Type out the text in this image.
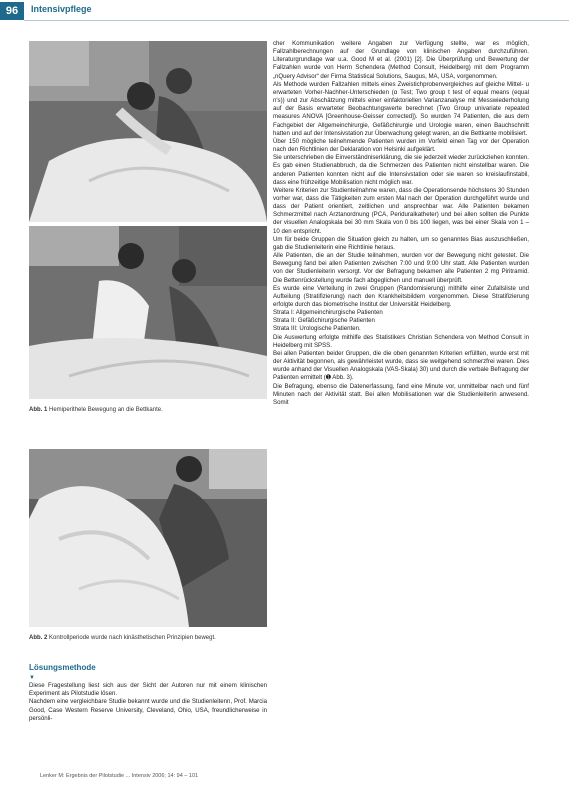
96	Intensivpflege
Abb. 1 Hemiperithele Bewegung an die Bettkante.
Abb. 2 Kontrollperiode wurde nach kinästhetischen Prinzipien bewegt.
Lösungsmethode
▼

Diese Fragestellung liest sich aus der Sicht der Autoren nur mit einem klinischen Experiment als Pilotstudie lösen.

Nachdem eine vergleichbare Studie bekannt wurde und die Studienleitenn, Prof. Marcia Good, Case Western Reserve University, Cleveland, Ohio, USA, freundlicherweise in persönli-

cher Kommunikation weitere Angaben zur Verfügung stellte, war es möglich, Fallzahlberechnungen auf der Grundlage von klinischen Angaben durchzuführen. Literaturgrundlage war u.a. Good M et al. (2001) [2]. Die Überprüfung und Bewertung der Fallzahlen wurde von Herrn Schendera (Method Consult, Heidelberg) mit dem Programm „nQuery Advisor“ der Firma Statistical Solutions, Saugus, MA, USA, vorgenommen.

Als Methode wurden Fallzahlen mittels eines Zweistichprobenvergleiches auf gleiche Mittel- u erwarteten Vorher-Nachher-Unterschieden (α Test; Two group t test of equal means (equal n's)) und zur Abschätzung mittels einer einfaktoriellen Varianzanalyse mit Messwiederholung auf der Basis erwarteter Beobachtungswerte berechnet (Two Group univariate repeated measures ANOVA [Greenhouse-Geisser corrected]). So wurden 74 Patienten, die aus dem Fachgebiet der Allgemeinchirurgie, Gefäßchirurgie und Urologie waren, einen Bauchschnitt hatten und auf der Intensivstation zur Überwachung gelegt waren, an die Bettkante mobilisiert.

Über 150 mögliche teilnehmende Patienten wurden im Vorfeld einen Tag vor der Operation nach den Richtlinien der Deklaration von Helsinki aufgeklärt.

Sie unterschrieben die Einverständniserklärung, die sie jederzeit wieder zurückziehen konnten. Es gab einen Studienabbruch, da die Schmerzen des Patienten nicht einstellbar waren. Die anderen Patienten konnten nicht auf die Intensivstation oder sie waren so kreislaufinstabil, dass eine frühzeitige Mobilisation nicht möglich war.

Weitere Kriterien zur Studienteilnahme waren, dass die Operationsende höchstens 30 Stunden vorher war, dass die Tätigkeiten zum ersten Mal nach der Operation durchgeführt wurde und dass der Patient orientiert, zeitlichen und ansprechbar war. Alle Patienten bekamen Schmerzmittel nach Arztanordnung (PCA, Periduralkatheter) und bei allen sollten die Punkte der visuellen Analogskala bei 30 mm Skala von 0 bis 100 liegen, was bei einer Skala von 1 – 10 den entspricht.

Um für beide Gruppen die Situation gleich zu halten, um so genanntes Bias auszuschließen, gab die Studienleiterin eine Richtlinie heraus.

Alle Patienten, die an der Studie teilnahmen, wurden vor der Bewegung nicht getestet. Die Bewegung fand bei allen Patienten zwischen 7:00 und 9:00 Uhr statt. Alle Patienten wurden von der Studienleiterin versorgt. Vor der Befragung bekamen alle Patienten 2 mg Piritramid. Die Bettenrückstellung wurde fach abgeglichen und manuell überprüft.

Es wurde eine Verteilung in zwei Gruppen (Randomisierung) mithilfe einer Zufallsliste und Aufteilung (Stratifizierung) nach den Krankheitsbildern vorgenommen. Diese Stratifizierung erfolgte durch das biometrische Institut der Universität Heidelberg.

Strata I: Allgemeinchirurgische Patienten

Strata II: Gefäßchirurgische Patienten

Strata III: Urologische Patienten.

Die Auswertung erfolgte mithilfe des Statistikers Christian Schendera von Method Consult in Heidelberg mit SPSS.

Bei allen Patienten beider Gruppen, die die oben genannten Kriterien erfüllten, wurde erst mit der Aktivität begonnen, als gewährleistet wurde, dass sie weitgehend schmerzfrei waren. Dies wurde anhand der Visuellen Analogskala (VAS-Skala) 30) und durch die verbale Befragung der Patienten ermittelt (➊ Abb. 3).

Die Befragung, ebenso die Datenerfassung, fand eine Minute vor, unmittelbar nach und fünf Minuten nach der Aktivität statt. Bei allen Mobilisationen war die Studienleiterin anwesend. Somit

Lenker M: Ergebnis der Pilotstudie ... Intensiv 2006; 14: 94 – 101
